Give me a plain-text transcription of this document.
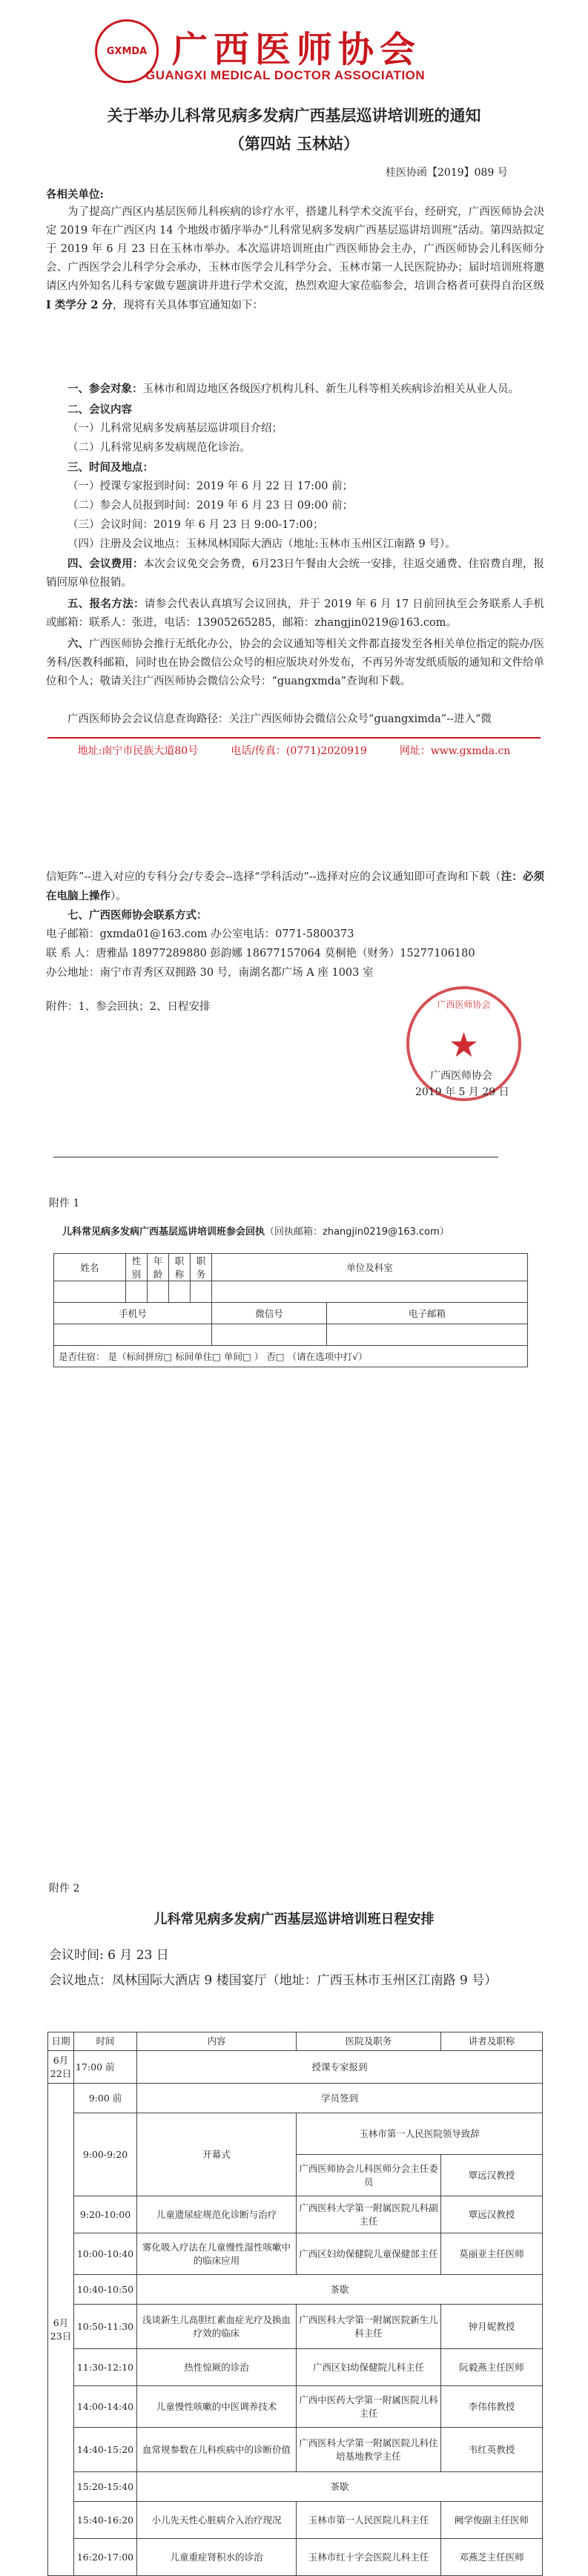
GXMDA 广西医师协会
GUANGXI MEDICAL DOCTOR ASSOCIATION
关于举办儿科常见病多发病广西基层巡讲培训班的通知
（第四站 玉林站）
桂医协函【2019】089 号
各相关单位:
为了提高广西区内基层医师儿科疾病的诊疗水平，搭建儿科学术交流平台，经研究，广西医师协会决定 2019 年在广西区内 14 个地级市循序举办“儿科常见病多发病广西基层巡讲培训班”活动。第四站拟定于 2019 年 6 月 23 日在玉林市举办。本次巡讲培训班由广西医师协会主办，广西医师协会儿科医师分会、广西医学会儿科学分会承办，玉林市医学会儿科学分会、玉林市第一人民医院协办；届时培训班将邀请区内外知名儿科专家做专题演讲并进行学术交流，热烈欢迎大家莅临参会，培训合格者可获得自治区级I 类学分 2 分，现将有关具体事宜通知如下：
一、参会对象：玉林市和周边地区各级医疗机构儿科、新生儿科等相关疾病诊治相关从业人员。
二、会议内容
（一）儿科常见病多发病基层巡讲项目介绍；
（二）儿科常见病多发病规范化诊治。
三、时间及地点：
（一）授课专家报到时间：2019 年 6 月 22 日 17:00 前；
（二）参会人员报到时间：2019 年 6 月 23 日 09:00 前；
（三）会议时间：2019 年 6 月 23 日 9:00-17:00；
（四）注册及会议地点：玉林凤林国际大酒店（地址:玉林市玉州区江南路 9 号）。
四、会议费用：本次会议免交会务费，6月23日午餐由大会统一安排，往返交通费、住宿费自理，报销回原单位报销。
五、报名方法：请参会代表认真填写会议回执，并于 2019 年 6 月 17 日前回执至会务联系人手机或邮箱：联系人：张进，电话：13905265285，邮箱：zhangjin0219@163.com。
六、广西医师协会推行无纸化办公，协会的会议通知等相关文件都直接发至各相关单位指定的院办/医务科/医教科邮箱，同时也在协会微信公众号的相应版块对外发布，不再另外寄发纸质版的通知和文件给单位和个人；敬请关注广西医师协会微信公众号：“guangxmda”查询和下载。
广西医师协会会议信息查询路径：关注广西医师协会微信公众号“guangximda”--进入“微
地址:南宁市民族大道80号	电话/传真：(0771)2020919	网址：www.gxmda.cn
信矩阵”--进入对应的专科分会/专委会--选择“学科活动”--选择对应的会议通知即可查询和下载（注：必须在电脑上操作）。
七、广西医师协会联系方式：
电子邮箱：gxmda01@163.com 办公室电话：0771-5800373
联 系 人：唐雅晶 18977289880 彭韵娜 18677157064 莫桐艳（财务）15277106180
办公地址：南宁市青秀区双拥路 30 号，南湖名都广场 A 座 1003 室
附件：1、参会回执；2、日程安排	广西医师协会
★
广西医师协会
2019 年 5 月 29 日
附件 1
儿科常见病多发病广西基层巡讲培训班参会回执（回执邮箱：zhangjin0219@163.com）
姓名	性别	年龄	职称	职务	单位及科室	

手机号					微信号	电子邮箱

是否住宿： 是（标间拼房□ 标间单住□ 单间□ ） 否□ （请在选项中打√）						
附件 2
儿科常见病多发病广西基层巡讲培训班日程安排
会议时间: 6 月 23 日
会议地点：凤林国际大酒店 9 楼国宴厅（地址：广西玉林市玉州区江南路 9 号）
日期	时间	内容	医院及职务	讲者及职称
6月22日	17:00 前	授课专家报到		
6月23日	9:00 前	学员签到		
	9:00-9:20	开幕式	玉林市第一人民医院领导致辞	
			广西医师协会儿科医师分会主任委员	覃远汉教授
	9:20-10:00	儿童遗尿症规范化诊断与治疗	广西医科大学第一附属医院儿科副主任	覃远汉教授
	10:00-10:40	雾化吸入疗法在儿童慢性湿性咳嗽中的临床应用	广西区妇幼保健院儿童保健部主任	莫丽亚主任医师
	10:40-10:50	茶歇		
	10:50-11:30	浅谈新生儿高胆红素血症光疗及换血疗效的临床	广西医科大学第一附属医院新生儿科主任	钟月妮教授
	11:30-12:10	热性惊厥的诊治	广西区妇幼保健院儿科主任	阮毅燕主任医师
	14:00-14:40	儿童慢性咳嗽的中医调养技术	广西中医药大学第一附属医院儿科主任	李伟伟教授
	14:40-15:20	血常规参数在儿科疾病中的诊断价值	广西医科大学第一附属医院儿科住培基地教学主任	韦红英教授
	15:20-15:40	茶歇		
	15:40-16:20	小儿先天性心脏病介入治疗现况	玉林市第一人民医院儿科主任	阙学俊副主任医师
	16:20-17:00	儿童重症肾积水的诊治	玉林市红十字会医院儿科主任	邓燕芝主任医师
